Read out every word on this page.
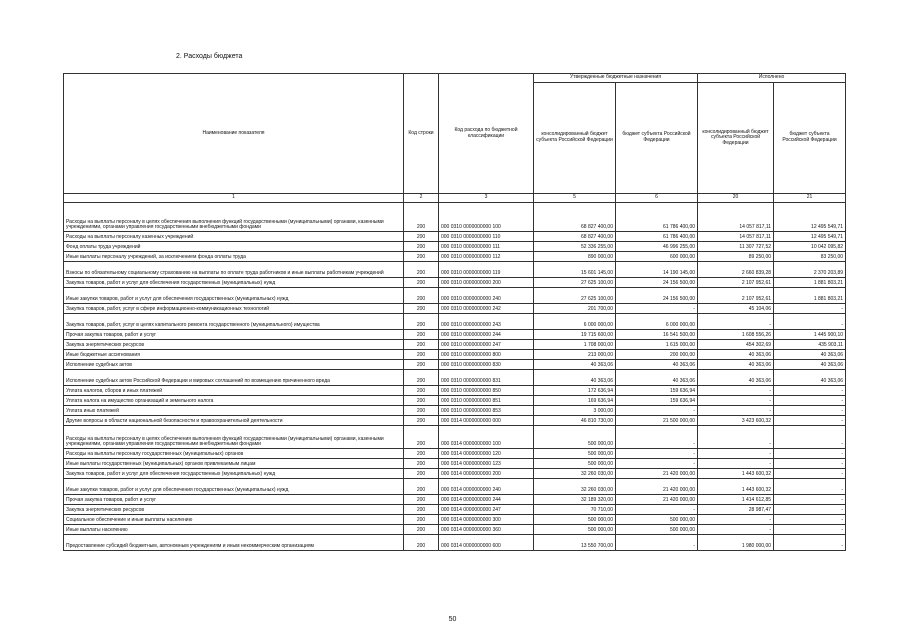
2. Расходы бюджета
Наименование показателя	Код строки	Код расхода по бюджетной классификации	Утвержденные бюджетные назначения		Исполнено	
			консолидированный бюджет субъекта Российской Федерации	бюджет субъекта Российской Федерации	консолидированный бюджет субъекта Российской Федерации	бюджет субъекта Российской Федерации
1	2	3	5	6	20	21
Расходы на выплаты персоналу в целях обеспечения выполнения функций государственными (муниципальными) органами, казенными учреждениями, органами управления государственными внебюджетными фондами	200	000 0310 0000000000 100	68 827 400,00	61 786 400,00	14 057 817,11	12 495 549,71
Расходы на выплаты персоналу казенных учреждений	200	000 0310 0000000000 110	68 827 400,00	61 786 400,00	14 057 817,11	12 495 549,71
Фонд оплаты труда учреждений	200	000 0310 0000000000 111	52 336 255,00	46 996 255,00	11 307 727,52	10 042 095,82
Иные выплаты персоналу учреждений, за исключением фонда оплаты труда	200	000 0310 0000000000 112	890 000,00	600 000,00	89 250,00	83 250,00
Взносы по обязательному социальному страхованию на выплаты по оплате труда работников и иные выплаты работникам учреждений	200	000 0310 0000000000 119	15 601 145,00	14 190 145,00	2 660 839,28	2 370 203,89
Закупка товаров, работ и услуг для обеспечения государственных (муниципальных) нужд	200	000 0310 0000000000 200	27 625 100,00	24 156 500,00	2 107 952,61	1 881 803,21
Иные закупки товаров, работ и услуг для обеспечения государственных (муниципальных) нужд	200	000 0310 0000000000 240	27 625 100,00	24 156 500,00	2 107 952,61	1 881 803,21
Закупка товаров, работ, услуг в сфере информационно-коммуникационных технологий	200	000 0310 0000000000 242	201 700,00	-	45 104,06	-
Закупка товаров, работ, услуг в целях капитального ремонта государственного (муниципального) имущества	200	000 0310 0000000000 243	6 000 000,00	6 000 000,00	-	-
Прочая закупка товаров, работ и услуг	200	000 0310 0000000000 244	19 715 600,00	16 541 500,00	1 608 556,26	1 445 900,10
Закупка энергетических ресурсов	200	000 0310 0000000000 247	1 708 000,00	1 615 000,00	454 302,69	435 903,11
Иные бюджетные ассигнования	200	000 0310 0000000000 800	213 000,00	200 000,00	40 363,06	40 363,06
Исполнение судебных актов	200	000 0310 0000000000 830	40 363,06	40 363,06	40 363,06	40 363,06
Исполнение судебных актов Российской Федерации и мировых соглашений по возмещению причиненного вреда	200	000 0310 0000000000 831	40 363,06	40 363,06	40 363,06	40 363,06
Уплата налогов, сборов и иных платежей	200	000 0310 0000000000 850	172 636,94	159 636,94	-	-
Уплата налога на имущество организаций и земельного налога	200	000 0310 0000000000 851	169 636,94	159 636,94	-	-
Уплата иных платежей	200	000 0310 0000000000 853	3 000,00	-	-	-
Другие вопросы в области национальной безопасности и правоохранительной деятельности	200	000 0314 0000000000 000	46 810 730,00	21 500 000,00	3 423 600,32	-
Расходы на выплаты персоналу в целях обеспечения выполнения функций государственными (муниципальными) органами, казенными учреждениями, органами управления государственными внебюджетными фондами	200	000 0314 0000000000 100	500 000,00	-	-	-
Расходы на выплаты персоналу государственных (муниципальных) органов	200	000 0314 0000000000 120	500 000,00	-	-	-
Иные выплаты государственных (муниципальных) органов привлекаемым лицам	200	000 0314 0000000000 123	500 000,00	-	-	-
Закупка товаров, работ и услуг для обеспечения государственных (муниципальных) нужд	200	000 0314 0000000000 200	32 260 030,00	21 420 000,00	1 443 600,32	-
Иные закупки товаров, работ и услуг для обеспечения государственных (муниципальных) нужд	200	000 0314 0000000000 240	32 260 030,00	21 420 000,00	1 443 600,32	-
Прочая закупка товаров, работ и услуг	200	000 0314 0000000000 244	32 189 320,00	21 420 000,00	1 414 612,85	-
Закупка энергетических ресурсов	200	000 0314 0000000000 247	70 710,00	-	28 987,47	-
Социальное обеспечение и иные выплаты населению	200	000 0314 0000000000 300	500 000,00	500 000,00	-	-
Иные выплаты населению	200	000 0314 0000000000 360	500 000,00	500 000,00	-	-
Предоставление субсидий бюджетным, автономным учреждениям и иным некоммерческим организациям	200	000 0314 0000000000 600	13 550 700,00	-	1 980 000,00	-
50
